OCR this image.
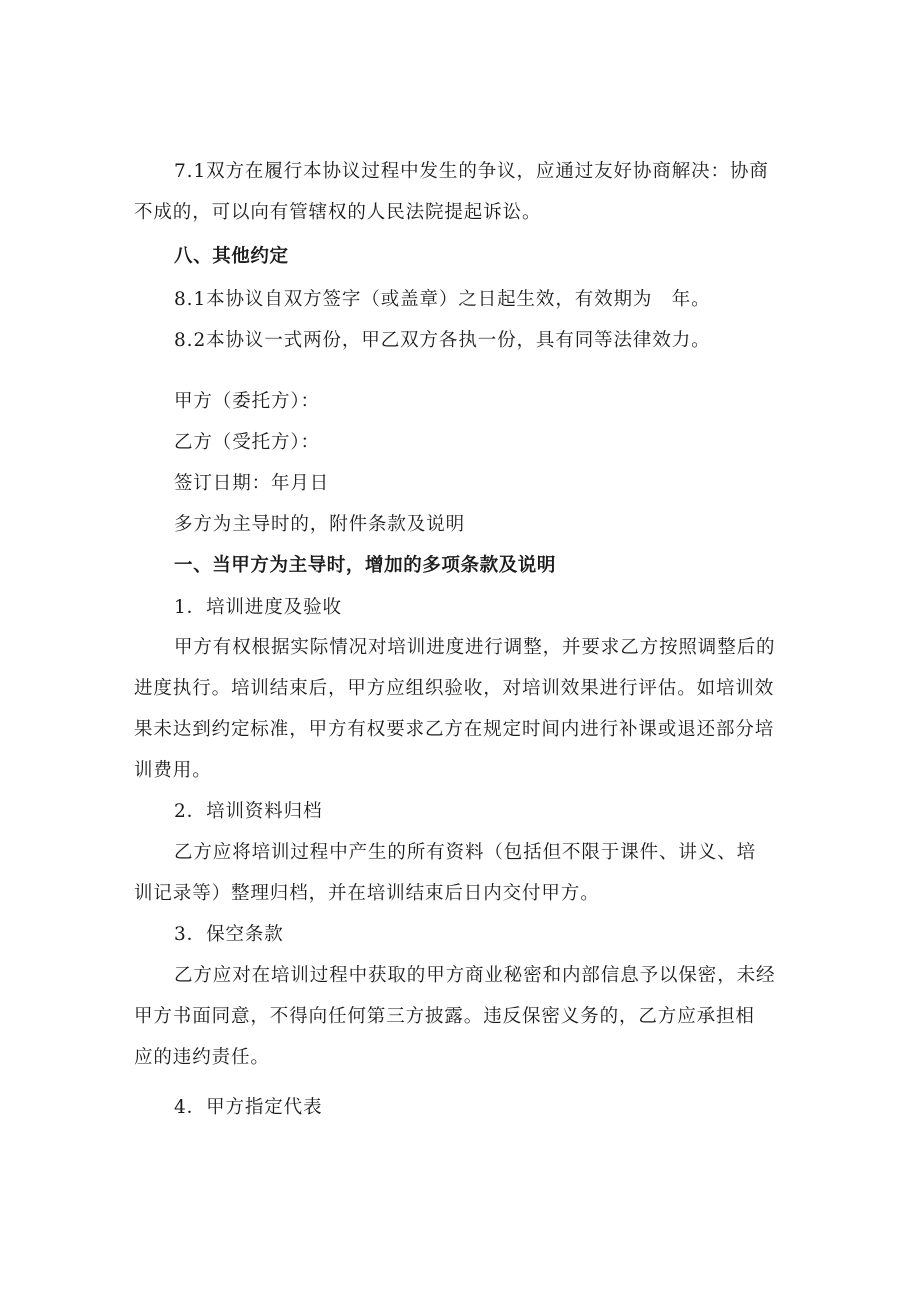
7.1双方在履行本协议过程中发生的争议，应通过友好协商解决：协商
不成的，可以向有管辖权的人民法院提起诉讼。
八、其他约定
8.1本协议自双方签字（或盖章）之日起生效，有效期为　年。
8.2本协议一式两份，甲乙双方各执一份，具有同等法律效力。
甲方（委托方）：
乙方（受托方）：
签订日期：年月日
多方为主导时的，附件条款及说明
一、当甲方为主导时，增加的多项条款及说明
1．培训进度及验收
甲方有权根据实际情况对培训进度进行调整，并要求乙方按照调整后的
进度执行。培训结束后，甲方应组织验收，对培训效果进行评估。如培训效
果未达到约定标准，甲方有权要求乙方在规定时间内进行补课或退还部分培
训费用。
2．培训资料归档
乙方应将培训过程中产生的所有资料（包括但不限于课件、讲义、培
训记录等）整理归档，并在培训结束后日内交付甲方。
3．保空条款
乙方应对在培训过程中获取的甲方商业秘密和内部信息予以保密，未经
甲方书面同意，不得向任何第三方披露。违反保密义务的，乙方应承担相
应的违约责任。
4．甲方指定代表
